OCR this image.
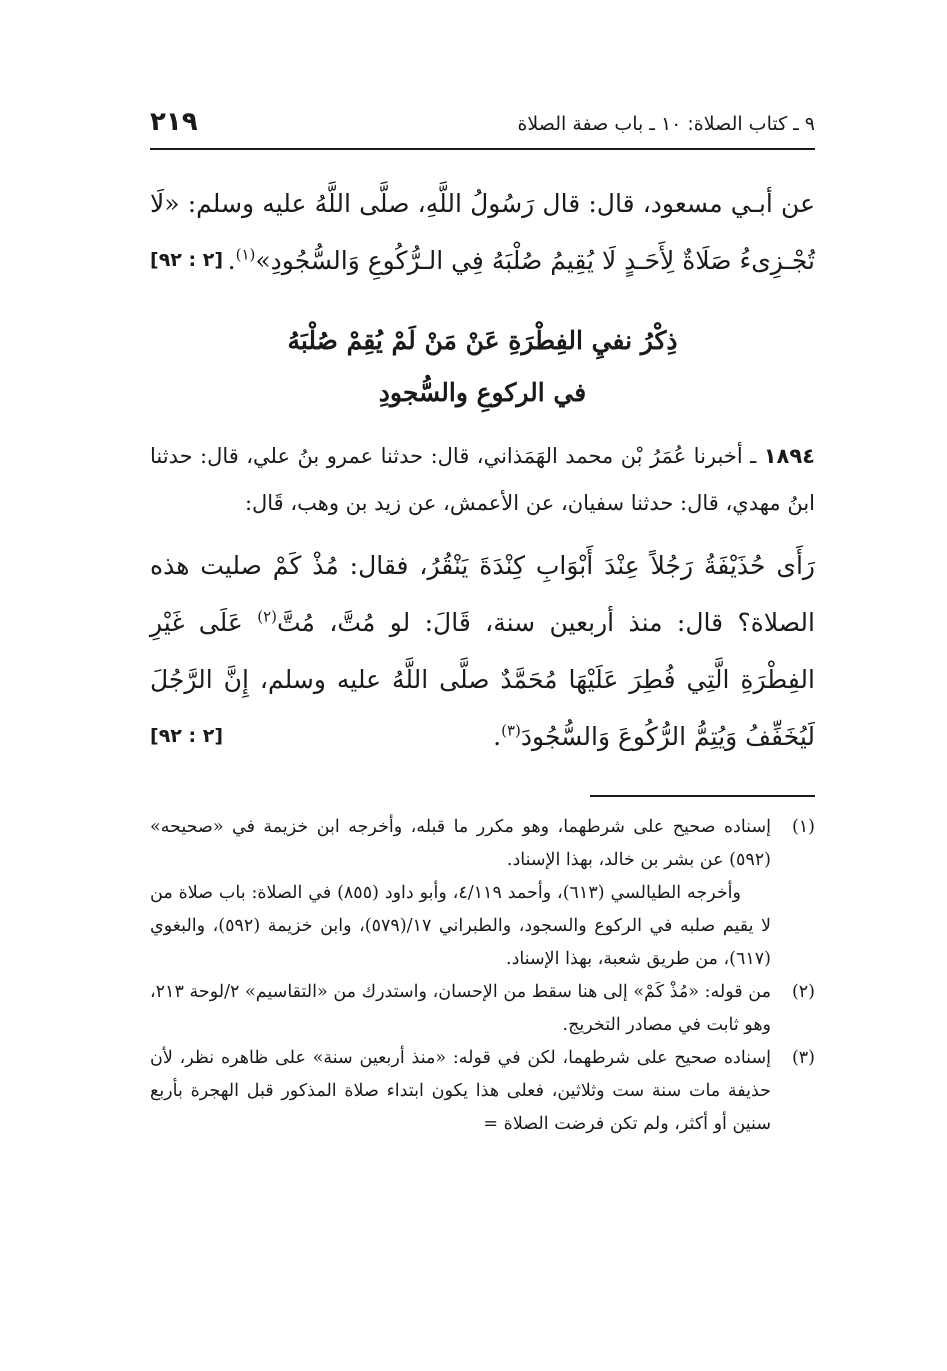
٩ ـ كتاب الصلاة: ١٠ ـ باب صفة الصلاة
٢١٩
عن أبـي مسعود، قال: قال رَسُولُ اللَّهِ، صلَّى اللَّهُ عليه وسلم: «لَا تُجْـزِىءُ صَلَاةٌ لِأَحَـدٍ لَا يُقِيمُ صُلْبَهُ فِي الـرُّكُوعِ وَالسُّجُودِ»$^{(١)}$.
[٢ : ٩٢]
ذِكْرُ نفيِ الفِطْرَةِ عَنْ مَنْ لَمْ يُقِمْ صُلْبَهُ
في الركوعِ والسُّجودِ
١٨٩٤ ـ أخبرنا عُمَرُ بْن محمد الهَمَذاني، قال: حدثنا عمرو بنُ علي، قال: حدثنا ابنُ مهدي، قال: حدثنا سفيان، عن الأعمش، عن زيد بن وهب، قَال:
رَأَى حُذَيْفَةُ رَجُلاً عِنْدَ أَبْوَابِ كِنْدَةَ يَنْقُرُ، فقال: مُذْ كَمْ صليت هذه الصلاة؟ قال: منذ أربعين سنة، قَالَ: لو مُتَّ، مُتَّ$^{(٢)}$ عَلَى غَيْرِ الفِطْرَةِ الَّتِي فُطِرَ عَلَيْهَا مُحَمَّدٌ صلَّى اللَّهُ عليه وسلم، إِنَّ الرَّجُلَ لَيُخَفِّفُ وَيُتِمُّ الرُّكُوعَ وَالسُّجُودَ$^{(٣)}$.
[٢ : ٩٢]
(١)
إسناده صحيح على شرطهما، وهو مكرر ما قبله، وأخرجه ابن خزيمة في «صحيحه» (٥٩٢) عن بشر بن خالد، بهذا الإسناد.
وأخرجه الطيالسي (٦١٣)، وأحمد ٤/١١٩، وأبو داود (٨٥٥) في الصلاة: باب صلاة من لا يقيم صلبه في الركوع والسجود، والطبراني ١٧/(٥٧٩)، وابن خزيمة (٥٩٢)، والبغوي (٦١٧)، من طريق شعبة، بهذا الإسناد.
(٢)
من قوله: «مُذْ كَمْ» إلى هنا سقط من الإحسان، واستدرك من «التقاسيم» ٢/لوحة ٢١٣، وهو ثابت في مصادر التخريج.
(٣)
إسناده صحيح على شرطهما، لكن في قوله: «منذ أربعين سنة» على ظاهره نظر، لأن حذيفة مات سنة ست وثلاثين، فعلى هذا يكون ابتداء صلاة المذكور قبل الهجرة بأربع سنين أو أكثر، ولم تكن فرضت الصلاة =
